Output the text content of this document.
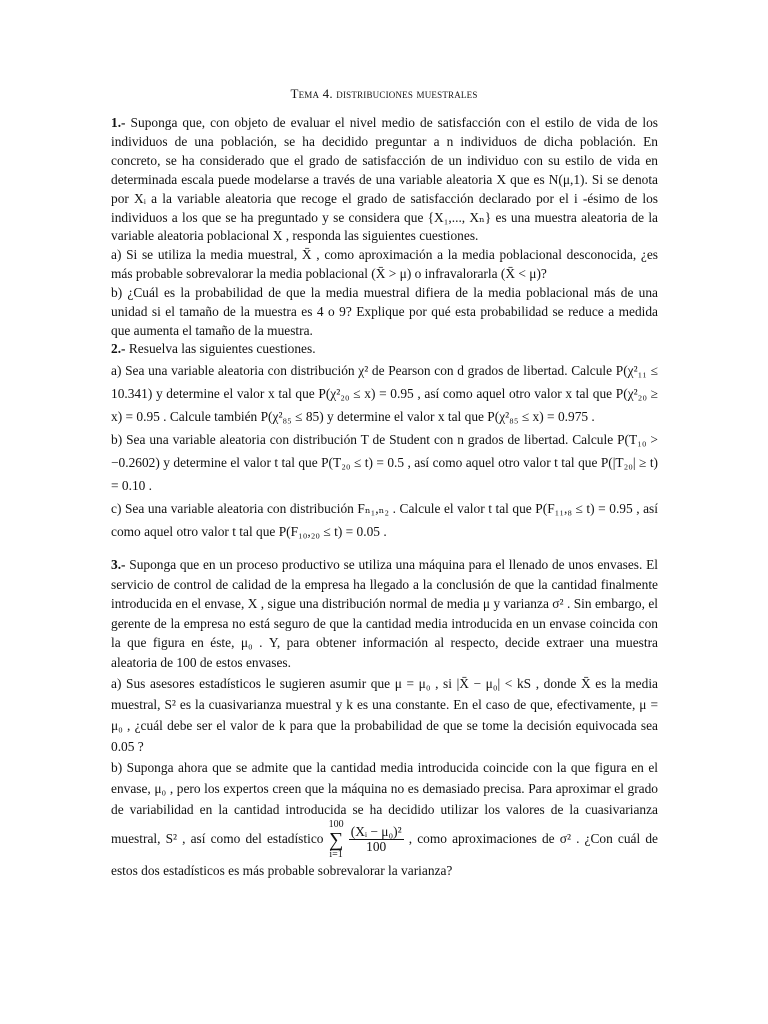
Tema 4. distribuciones muestrales

1.- Suponga que, con objeto de evaluar el nivel medio de satisfacción con el estilo de vida de los individuos de una población, se ha decidido preguntar a n individuos de dicha población. En concreto, se ha considerado que el grado de satisfacción de un individuo con su estilo de vida en determinada escala puede modelarse a través de una variable aleatoria X que es N(μ,1). Si se denota por Xᵢ a la variable aleatoria que recoge el grado de satisfacción declarado por el i -ésimo de los individuos a los que se ha preguntado y se considera que {X₁,..., Xₙ} es una muestra aleatoria de la variable aleatoria poblacional X , responda las siguientes cuestiones.

a) Si se utiliza la media muestral, X̄ , como aproximación a la media poblacional desconocida, ¿es más probable sobrevalorar la media poblacional (X̄ > μ) o infravalorarla (X̄ < μ)?

b) ¿Cuál es la probabilidad de que la media muestral difiera de la media poblacional más de una unidad si el tamaño de la muestra es 4 o 9? Explique por qué esta probabilidad se reduce a medida que aumenta el tamaño de la muestra.

2.- Resuelva las siguientes cuestiones.

a) Sea una variable aleatoria con distribución χ² de Pearson con d grados de libertad. Calcule P(χ²₁₁ ≤ 10.341) y determine el valor x tal que P(χ²₂₀ ≤ x) = 0.95 , así como aquel otro valor x tal que P(χ²₂₀ ≥ x) = 0.95 . Calcule también P(χ²₈₅ ≤ 85) y determine el valor x tal que P(χ²₈₅ ≤ x) = 0.975 .

b) Sea una variable aleatoria con distribución T de Student con n grados de libertad. Calcule P(T₁₀ > −0.2602) y determine el valor t tal que P(T₂₀ ≤ t) = 0.5 , así como aquel otro valor t tal que P(|T₂₀| ≥ t) = 0.10 .

c) Sea una variable aleatoria con distribución Fₙ₁,ₙ₂ . Calcule el valor t tal que P(F₁₁,₈ ≤ t) = 0.95 , así como aquel otro valor t tal que P(F₁₀,₂₀ ≤ t) = 0.05 .

3.- Suponga que en un proceso productivo se utiliza una máquina para el llenado de unos envases. El servicio de control de calidad de la empresa ha llegado a la conclusión de que la cantidad finalmente introducida en el envase, X , sigue una distribución normal de media μ y varianza σ² . Sin embargo, el gerente de la empresa no está seguro de que la cantidad media introducida en un envase coincida con la que figura en éste, μ₀ . Y, para obtener información al respecto, decide extraer una muestra aleatoria de 100 de estos envases.

a) Sus asesores estadísticos le sugieren asumir que μ = μ₀ , si |X̄ − μ₀| < kS , donde X̄ es la media muestral, S² es la cuasivarianza muestral y k es una constante. En el caso de que, efectivamente, μ = μ₀ , ¿cuál debe ser el valor de k para que la probabilidad de que se tome la decisión equivocada sea 0.05 ?

b) Suponga ahora que se admite que la cantidad media introducida coincide con la que figura en el envase, μ₀ , pero los expertos creen que la máquina no es demasiado precisa. Para aproximar el grado de variabilidad en la cantidad introducida se ha decidido utilizar los valores de la cuasivarianza muestral, S² , así como del estadístico 100
∑
$i=1 \frac{\text{(Xᵢ − μ₀)²}}{100}$ , como aproximaciones de σ² . ¿Con cuál de estos dos estadísticos es más probable sobrevalorar la varianza?
